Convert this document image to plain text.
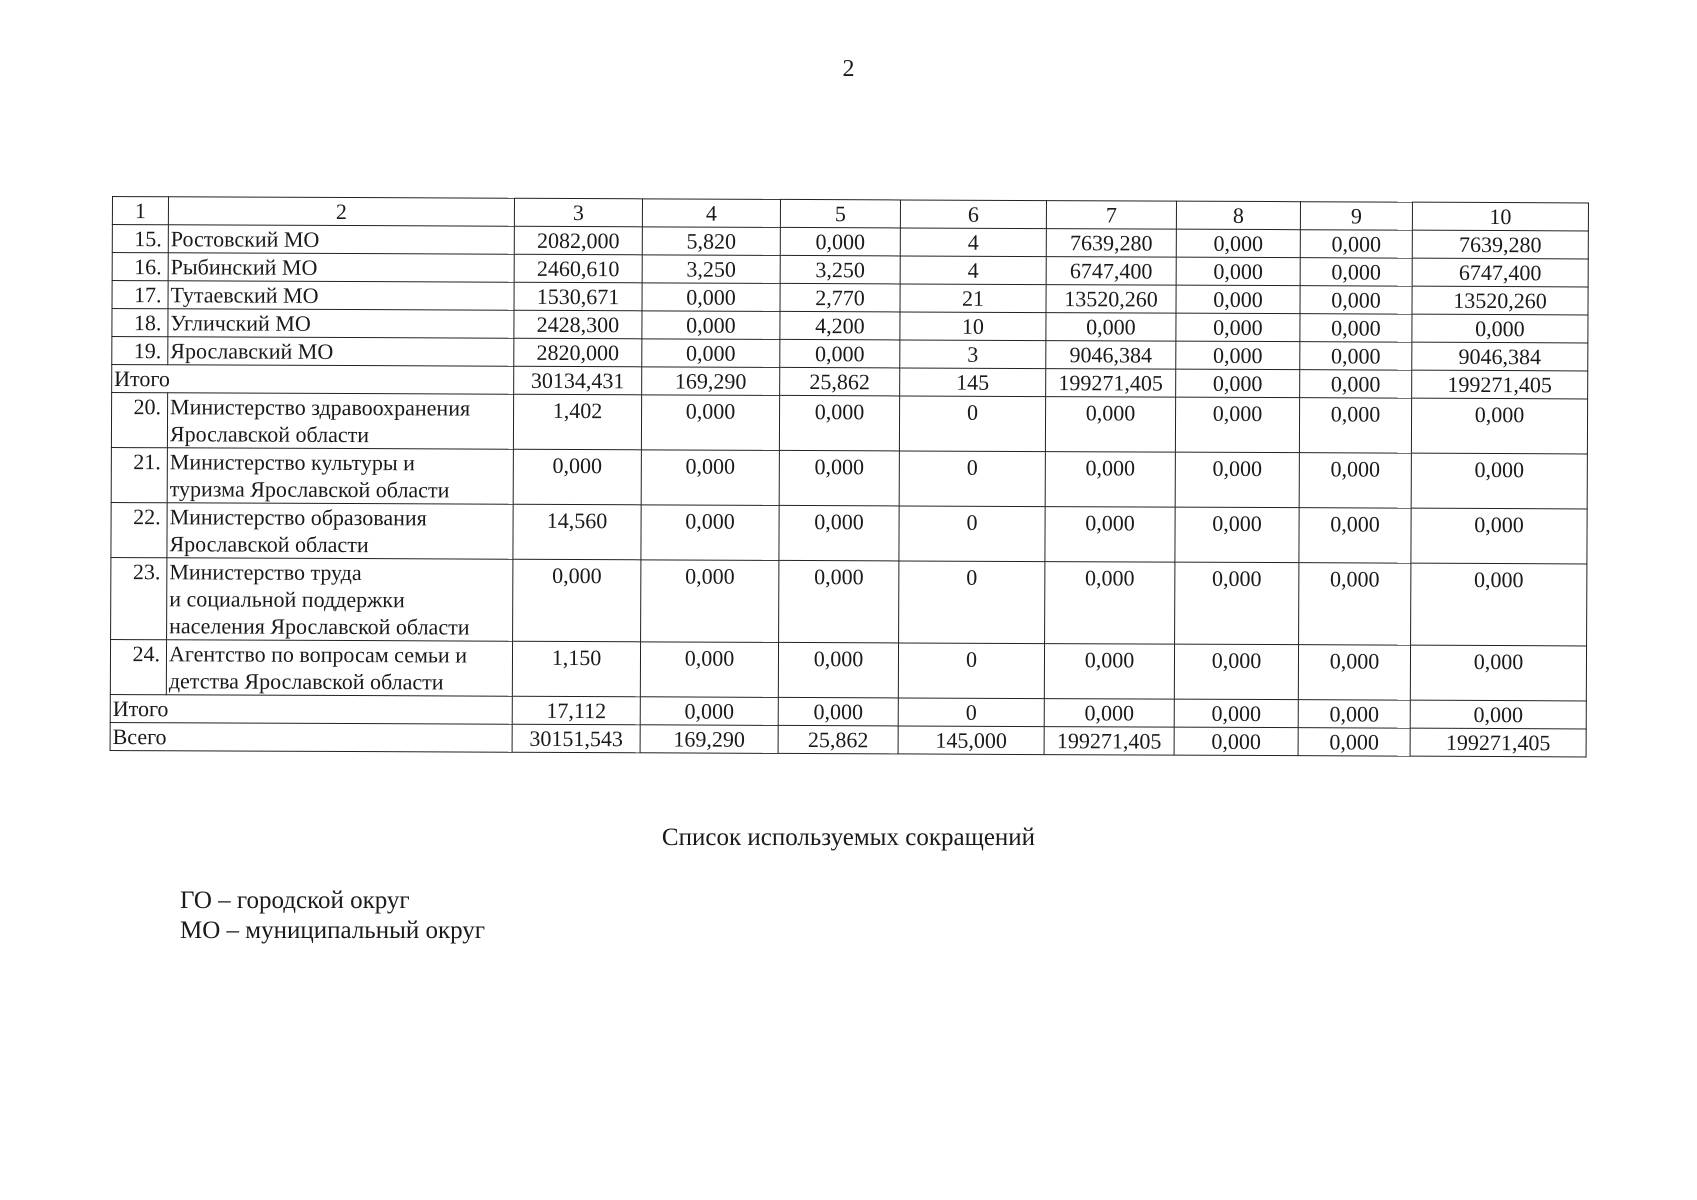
2
1	2	3	4	5	6	7	8	9	10
15.	Ростовский МО	2082,000	5,820	0,000	4	7639,280	0,000	0,000	7639,280
16.	Рыбинский МО	2460,610	3,250	3,250	4	6747,400	0,000	0,000	6747,400
17.	Тутаевский МО	1530,671	0,000	2,770	21	13520,260	0,000	0,000	13520,260
18.	Угличский МО	2428,300	0,000	4,200	10	0,000	0,000	0,000	0,000
19.	Ярославский МО	2820,000	0,000	0,000	3	9046,384	0,000	0,000	9046,384
Итого		30134,431	169,290	25,862	145	199271,405	0,000	0,000	199271,405
20.	Министерство здравоохранения
Ярославской области	1,402	0,000	0,000	0	0,000	0,000	0,000	0,000
21.	Министерство культуры и
туризма Ярославской области	0,000	0,000	0,000	0	0,000	0,000	0,000	0,000
22.	Министерство образования
Ярославской области	14,560	0,000	0,000	0	0,000	0,000	0,000	0,000
23.	Министерство труда
и социальной поддержки
населения Ярославской области	0,000	0,000	0,000	0	0,000	0,000	0,000	0,000
24.	Агентство по вопросам семьи и
детства Ярославской области	1,150	0,000	0,000	0	0,000	0,000	0,000	0,000
Итого		17,112	0,000	0,000	0	0,000	0,000	0,000	0,000
Всего		30151,543	169,290	25,862	145,000	199271,405	0,000	0,000	199271,405
Список используемых сокращений
ГО – городской округ
МО – муниципальный округ
